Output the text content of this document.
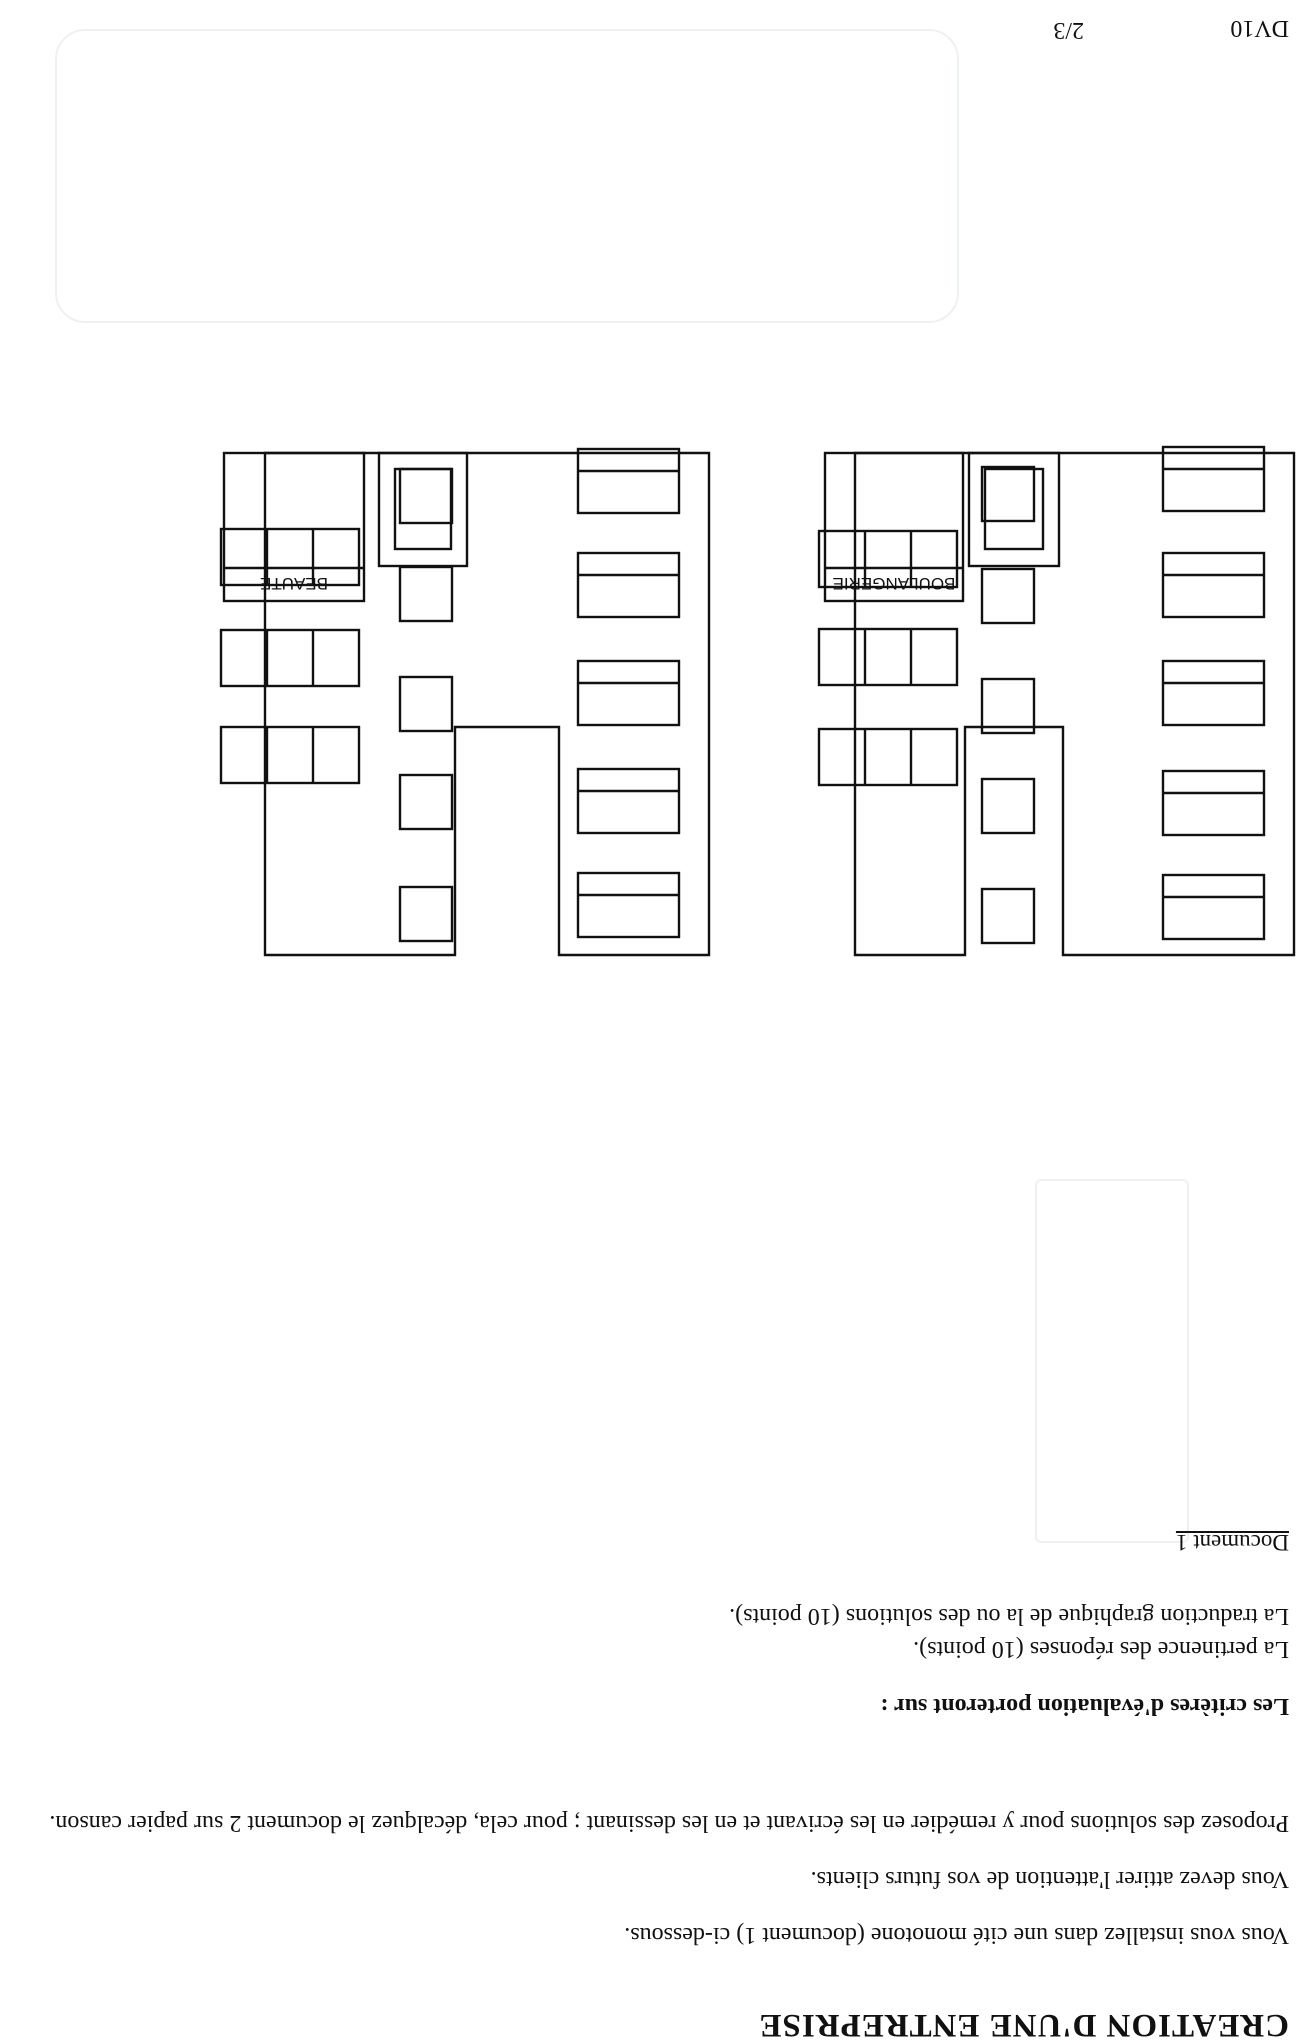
CREATION D'UNE ENTREPRISE
Vous vous installez dans une cité monotone (document 1) ci-dessous.
Vous devez attirer l'attention de vos futurs clients.
Proposez des solutions pour y remédier en les écrivant et en les dessinant ; pour cela, décalquez le document 2 sur papier canson.
Les critères d'évaluation porteront sur :
La pertinence des réponses (10 points).
La traduction graphique de la ou des solutions (10 points).
Document 1
BOULANGERIE
BEAUTE
2/3	DV10
